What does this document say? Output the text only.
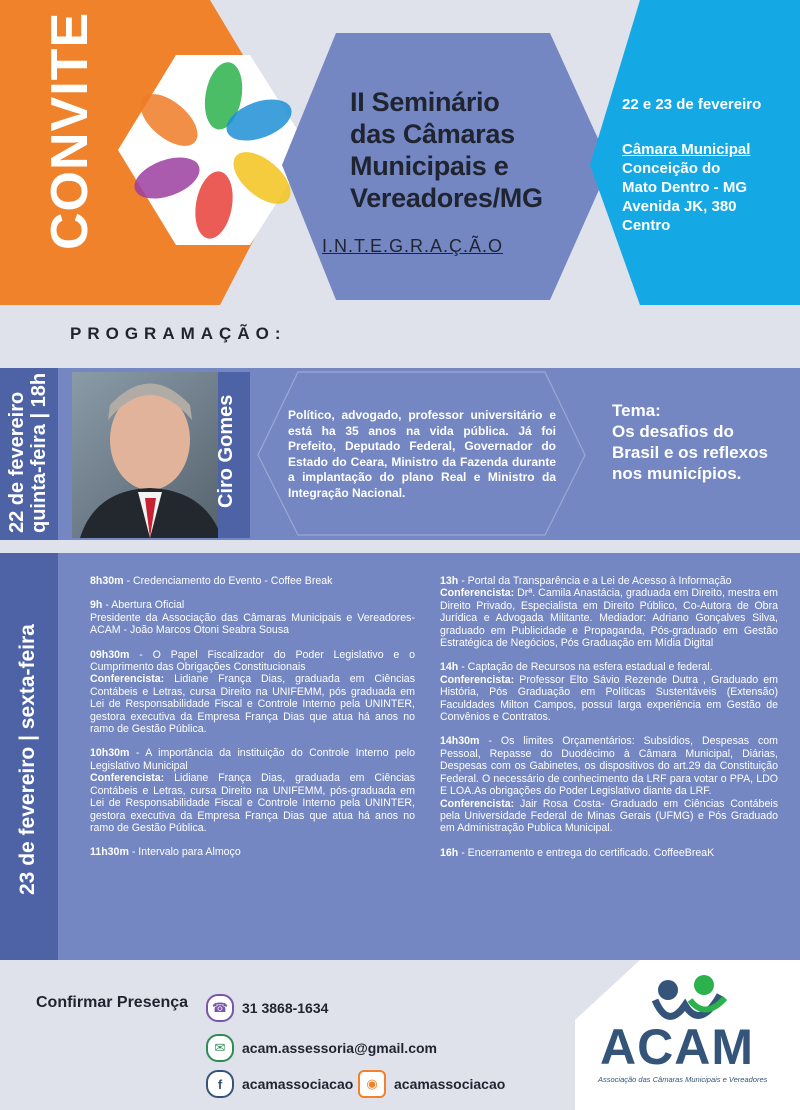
CONVITE	II Seminário
das Câmaras
Municipais e
Vereadores/MG
I.N.T.E.G.R.A.Ç.Ã.O
22 e 23 de fevereiro
Câmara Municipal
Conceição do
Mato Dentro - MG
Avenida JK, 380
Centro
PROGRAMAÇÃO:
22 de fevereiro quinta-feira | 18h	Ciro Gomes	Político, advogado, professor universitário e está ha 35 anos na vida pública. Já foi Prefeito, Deputado Federal, Governador do Estado do Ceara, Ministro da Fazenda durante a implantação do plano Real e Ministro da Integração Nacional.
Tema:
Os desafios do Brasil e os reflexos nos municípios.
23 de fevereiro | sexta-feira

8h30m - Credenciamento do Evento - Coffee Break

9h - Abertura Oficial
Presidente da Associação das Câmaras Municipais e Vereadores- ACAM - João Marcos Otoni Seabra Sousa

09h30m - O Papel Fiscalizador do Poder Legislativo e o Cumprimento das Obrigações Constitucionais
Conferencista: Lidiane França Dias, graduada em Ciências Contábeis e Letras, cursa Direito na UNIFEMM, pós graduada em Lei de Responsabilidade Fiscal e Controle Interno pela UNINTER, gestora executiva da Empresa França Dias que atua há anos no ramo de Gestão Pública.

10h30m - A importância da instituição do Controle Interno pelo Legislativo Municipal
Conferencista: Lidiane França Dias, graduada em Ciências Contábeis e Letras, cursa Direito na UNIFEMM, pós-graduada em Lei de Responsabilidade Fiscal e Controle Interno pela UNINTER, gestora executiva da Empresa França Dias que atua há anos no ramo de Gestão Pública.

11h30m - Intervalo para Almoço

13h - Portal da Transparência e a Lei de Acesso à Informação
Conferencista: Drª. Camila Anastácia, graduada em Direito, mestra em Direito Privado, Especialista em Direito Público, Co-Autora de Obra Jurídica e Advogada Militante. Mediador: Adriano Gonçalves Silva, graduado em Publicidade e Propaganda, Pós-graduado em Gestão Estratégica de Negócios, Pós Graduação em Mídia Digital

14h - Captação de Recursos na esfera estadual e federal.
Conferencista: Professor Elto Sávio Rezende Dutra , Graduado em História, Pós Graduação em Políticas Sustentáveis (Extensão) Faculdades Milton Campos, possui larga experiência em Gestão de Convênios e Contratos.

14h30m - Os limites Orçamentários: Subsídios, Despesas com Pessoal, Repasse do Duodécimo à Câmara Municipal, Diárias, Despesas com os Gabinetes, os dispositivos do art.29 da Constituição Federal. O necessário de conhecimento da LRF para votar o PPA, LDO E LOA.As obrigações do Poder Legislativo diante da LRF.
Conferencista: Jair Rosa Costa- Graduado em Ciências Contábeis pela Universidade Federal de Minas Gerais (UFMG) e Pós Graduado em Administração Publica Municipal.

16h - Encerramento e entrega do certificado. CoffeeBreaK

Confirmar Presença	☎ 31 3868-1634
✉	acam.assessoria@gmail.com
f	acamassociacao	◉	acamassociacao
ACAM
Associação das Câmaras Municipais e Vereadores
